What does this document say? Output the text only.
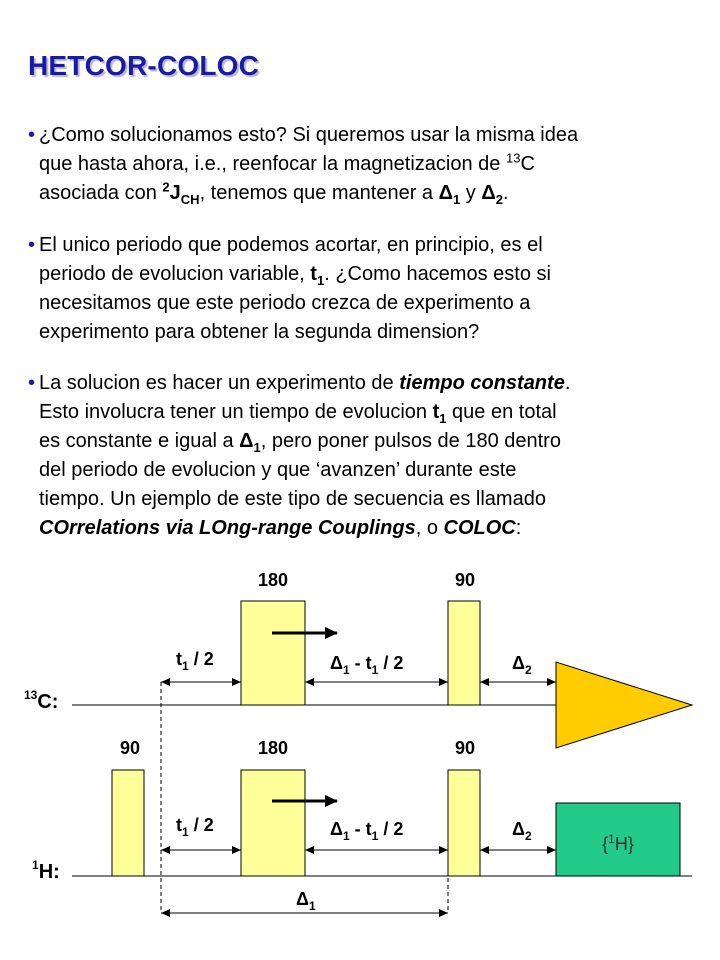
HETCOR-COLOC

• ¿Como solucionamos esto? Si queremos usar la misma idea
que hasta ahora, i.e., reenfocar la magnetizacion de $^{13}$C
asociada con $^2J_{CH}$, tenemos que mantener a $\Delta_1$ y $\Delta_2$.

• El unico periodo que podemos acortar, en principio, es el
periodo de evolucion variable, $t_1$. ¿Como hacemos esto si
necesitamos que este periodo crezca de experimento a
experimento para obtener la segunda dimension?

• La solucion es hacer un experimento de tiempo constante.
Esto involucra tener un tiempo de evolucion $t_1$ que en total
es constante e igual a $\Delta_1$, pero poner pulsos de 180 dentro
del periodo de evolucion y que ‘avanzen’ durante este
tiempo. Un ejemplo de este tipo de secuencia es llamado
COrrelations via LOng-range Couplings, o COLOC:

180	90
$t_1 / 2$	$\Delta_1 - t_1 / 2$	$\Delta_2$
$^{13}$C:
90	180	90
$t_1 / 2$	$\Delta_1 - t_1 / 2$	$\Delta_2$	{$^1$H}
$^1$H:
$\Delta_1$
